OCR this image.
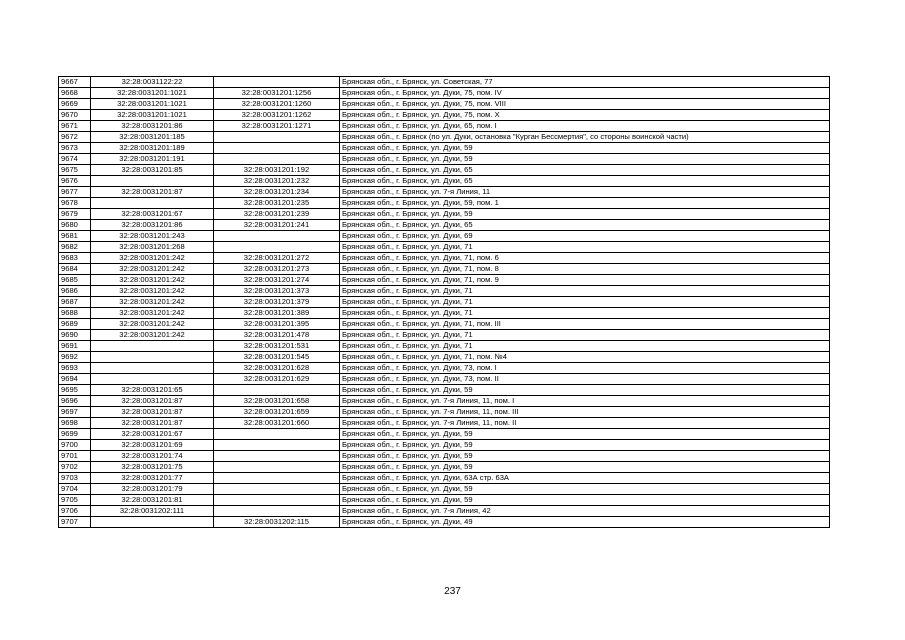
9667	32:28:0031122:22		Брянская обл., г. Брянск, ул. Советская, 77
9668	32:28:0031201:1021	32:28:0031201:1256	Брянская обл., г. Брянск, ул. Дуки, 75, пом. IV
9669	32:28:0031201:1021	32:28:0031201:1260	Брянская обл., г. Брянск, ул. Дуки, 75, пом. VIII
9670	32:28:0031201:1021	32:28:0031201:1262	Брянская обл., г. Брянск, ул. Дуки, 75, пом. X
9671	32:28:0031201:86	32:28:0031201:1271	Брянская обл., г. Брянск, ул. Дуки, 65, пом. I
9672	32:28:0031201:185		Брянская обл., г. Брянск (по ул. Дуки, остановка "Курган Бессмертия", со стороны воинской части)
9673	32:28:0031201:189		Брянская обл., г. Брянск, ул. Дуки, 59
9674	32:28:0031201:191		Брянская обл., г. Брянск, ул. Дуки, 59
9675	32:28:0031201:85	32:28:0031201:192	Брянская обл., г. Брянск, ул. Дуки, 65
9676		32:28:0031201:232	Брянская обл., г. Брянск, ул. Дуки, 65
9677	32:28:0031201:87	32:28:0031201:234	Брянская обл., г. Брянск, ул. 7-я Линия, 11
9678		32:28:0031201:235	Брянская обл., г. Брянск, ул. Дуки, 59, пом. 1
9679	32:28:0031201:67	32:28:0031201:239	Брянская обл., г. Брянск, ул. Дуки, 59
9680	32:28:0031201:86	32:28:0031201:241	Брянская обл., г. Брянск, ул. Дуки, 65
9681	32:28:0031201:243		Брянская обл., г. Брянск, ул. Дуки, 69
9682	32:28:0031201:268		Брянская обл., г. Брянск, ул. Дуки, 71
9683	32:28:0031201:242	32:28:0031201:272	Брянская обл., г. Брянск, ул. Дуки, 71, пом. 6
9684	32:28:0031201:242	32:28:0031201:273	Брянская обл., г. Брянск, ул. Дуки, 71, пом. 8
9685	32:28:0031201:242	32:28:0031201:274	Брянская обл., г. Брянск, ул. Дуки, 71, пом. 9
9686	32:28:0031201:242	32:28:0031201:373	Брянская обл., г. Брянск, ул. Дуки, 71
9687	32:28:0031201:242	32:28:0031201:379	Брянская обл., г. Брянск, ул. Дуки, 71
9688	32:28:0031201:242	32:28:0031201:389	Брянская обл., г. Брянск, ул. Дуки, 71
9689	32:28:0031201:242	32:28:0031201:395	Брянская обл., г. Брянск, ул. Дуки, 71, пом. III
9690	32:28:0031201:242	32:28:0031201:478	Брянская обл., г. Брянск, ул. Дуки, 71
9691		32:28:0031201:531	Брянская обл., г. Брянск, ул. Дуки, 71
9692		32:28:0031201:545	Брянская обл., г. Брянск, ул. Дуки, 71, пом. №4
9693		32:28:0031201:628	Брянская обл., г. Брянск, ул. Дуки, 73, пом. I
9694		32:28:0031201:629	Брянская обл., г. Брянск, ул. Дуки, 73, пом. II
9695	32:28:0031201:65		Брянская обл., г. Брянск, ул. Дуки, 59
9696	32:28:0031201:87	32:28:0031201:658	Брянская обл., г. Брянск, ул. 7-я Линия, 11, пом. I
9697	32:28:0031201:87	32:28:0031201:659	Брянская обл., г. Брянск, ул. 7-я Линия, 11, пом. III
9698	32:28:0031201:87	32:28:0031201:660	Брянская обл., г. Брянск, ул. 7-я Линия, 11, пом. II
9699	32:28:0031201:67		Брянская обл., г. Брянск, ул. Дуки, 59
9700	32:28:0031201:69		Брянская обл., г. Брянск, ул. Дуки, 59
9701	32:28:0031201:74		Брянская обл., г. Брянск, ул. Дуки, 59
9702	32:28:0031201:75		Брянская обл., г. Брянск, ул. Дуки, 59
9703	32:28:0031201:77		Брянская обл., г. Брянск, ул. Дуки, 63А стр. 63А
9704	32:28:0031201:79		Брянская обл., г. Брянск, ул. Дуки, 59
9705	32:28:0031201:81		Брянская обл., г. Брянск, ул. Дуки, 59
9706	32:28:0031202:111		Брянская обл., г. Брянск, ул. 7-я Линия, 42
9707		32:28:0031202:115	Брянская обл., г. Брянск, ул. Дуки, 49
237
